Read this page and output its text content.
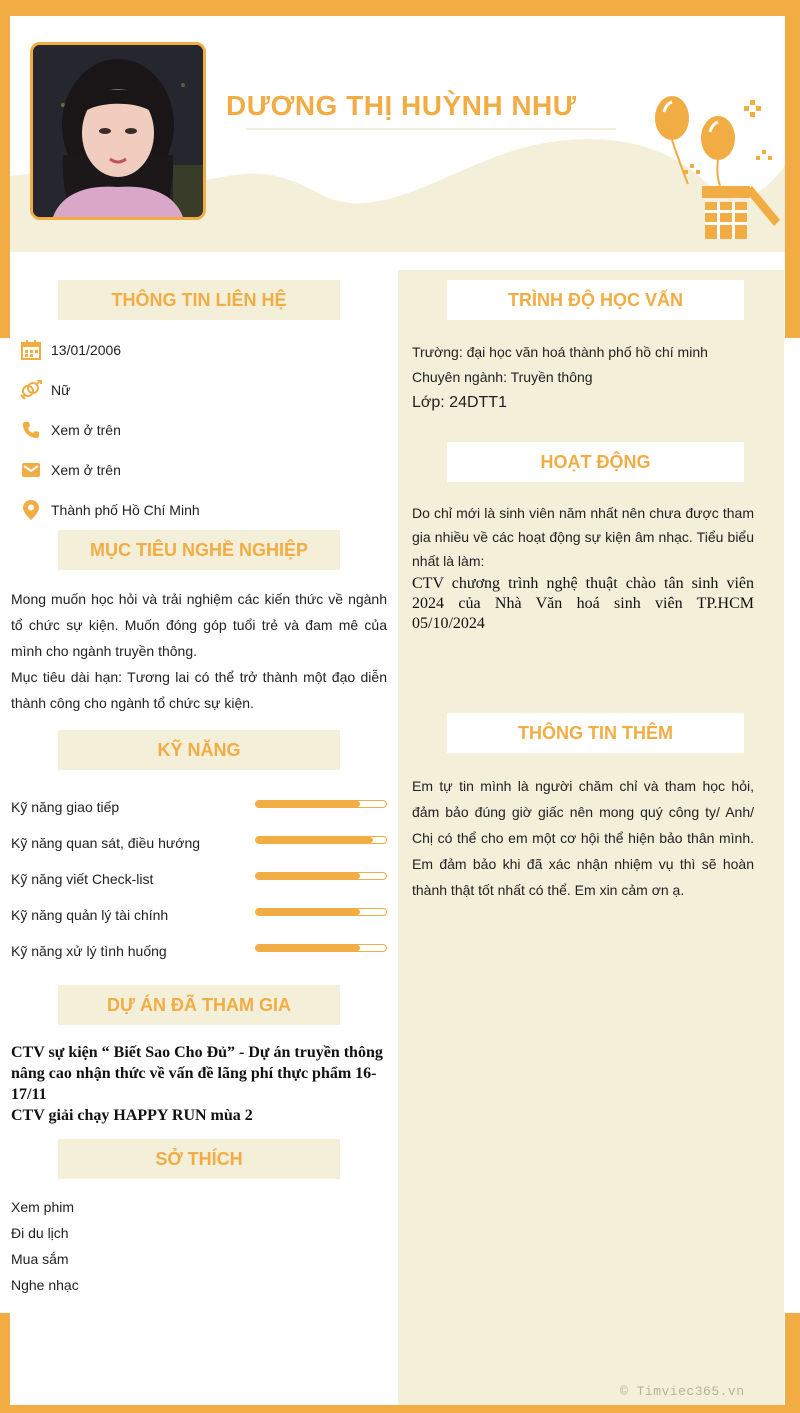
DƯƠNG THỊ HUỲNH NHƯ
THÔNG TIN LIÊN HỆ
13/01/2006
Nữ
Xem ở trên
Xem ở trên
Thành phố Hồ Chí Minh
MỤC TIÊU NGHỀ NGHIỆP
Mong muốn học hỏi và trải nghiệm các kiến thức về ngành tổ chức sự kiện. Muốn đóng góp tuổi trẻ và đam mê của mình cho ngành truyền thông.
Mục tiêu dài hạn: Tương lai có thể trở thành một đạo diễn thành công cho ngành tổ chức sự kiện.
KỸ NĂNG
Kỹ năng giao tiếp
Kỹ năng quan sát, điều hướng
Kỹ năng viết Check-list
Kỹ năng quản lý tài chính
Kỹ năng xử lý tình huống
DỰ ÁN ĐÃ THAM GIA
CTV sự kiện “ Biết Sao Cho Đủ” - Dự án truyền thông nâng cao nhận thức về vấn đề lãng phí thực phẩm 16-17/11
CTV giải chạy HAPPY RUN mùa 2
SỞ THÍCH
Xem phim
Đi du lịch
Mua sắm
Nghe nhạc
TRÌNH ĐỘ HỌC VẤN
Trường: đại học văn hoá thành phố hồ chí minh
Chuyên ngành: Truyền thông
Lớp: 24DTT1
HOẠT ĐỘNG
Do chỉ mới là sinh viên năm nhất nên chưa được tham gia nhiều về các hoạt động sự kiện âm nhạc. Tiểu biểu nhất là làm:
CTV chương trình nghệ thuật chào tân sinh viên 2024 của Nhà Văn hoá sinh viên TP.HCM 05/10/2024
THÔNG TIN THÊM
Em tự tin mình là người chăm chỉ và tham học hỏi, đảm bảo đúng giờ giấc nên mong quý công ty/ Anh/ Chị có thể cho em một cơ hội thể hiện bảo thân mình. Em đảm bảo khi đã xác nhận nhiệm vụ thì sẽ hoàn thành thật tốt nhất có thể. Em xin cảm ơn ạ.
© Timviec365.vn
